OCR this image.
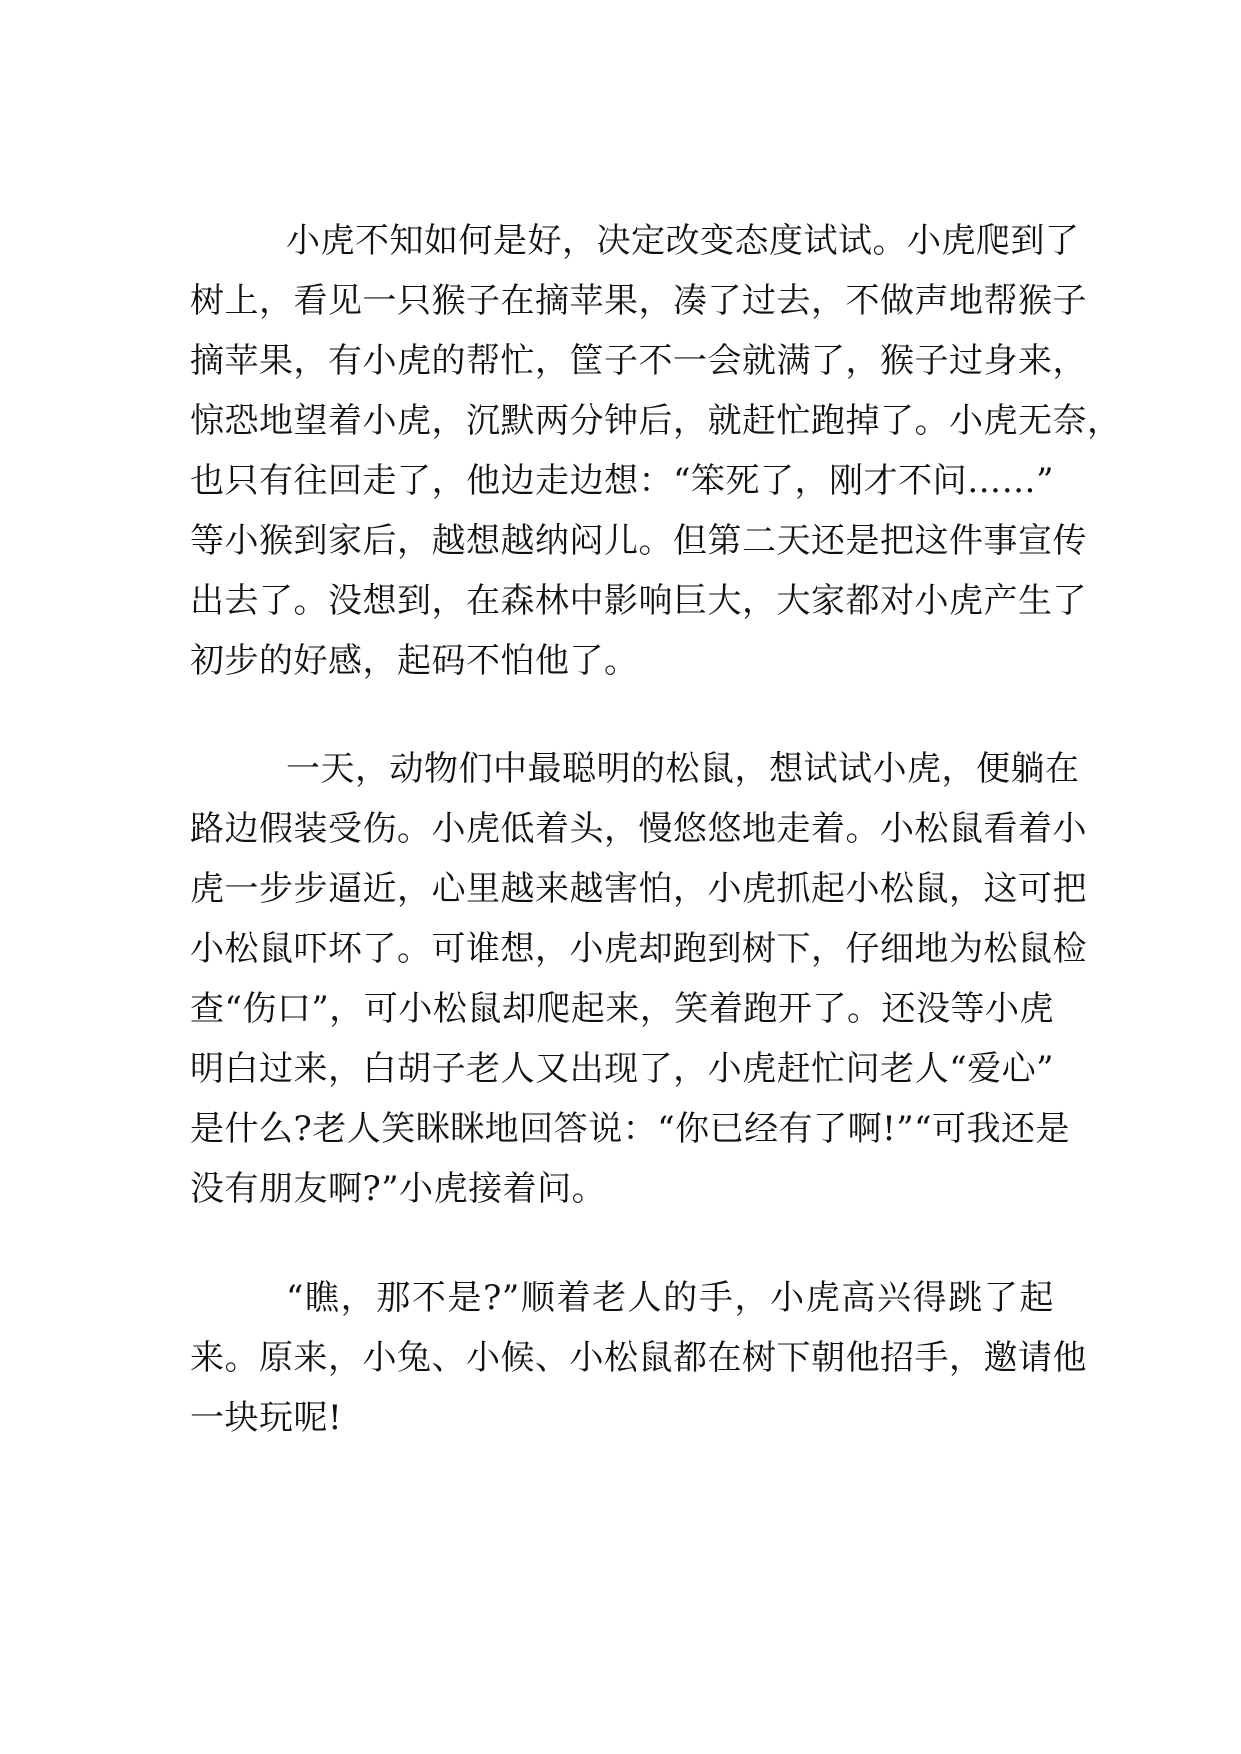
小虎不知如何是好，决定改变态度试试。小虎爬到了
树上，看见一只猴子在摘苹果，凑了过去，不做声地帮猴子
摘苹果，有小虎的帮忙，筐子不一会就满了，猴子过身来，
惊恐地望着小虎，沉默两分钟后，就赶忙跑掉了。小虎无奈，
也只有往回走了，他边走边想：“笨死了，刚才不问……”
等小猴到家后，越想越纳闷儿。但第二天还是把这件事宣传
出去了。没想到，在森林中影响巨大，大家都对小虎产生了
初步的好感，起码不怕他了。
一天，动物们中最聪明的松鼠，想试试小虎，便躺在
路边假装受伤。小虎低着头，慢悠悠地走着。小松鼠看着小
虎一步步逼近，心里越来越害怕，小虎抓起小松鼠，这可把
小松鼠吓坏了。可谁想，小虎却跑到树下，仔细地为松鼠检
查“伤口”，可小松鼠却爬起来，笑着跑开了。还没等小虎
明白过来，白胡子老人又出现了，小虎赶忙问老人“爱心”
是什么?老人笑眯眯地回答说：“你已经有了啊!”“可我还是
没有朋友啊?”小虎接着问。
“瞧，那不是?”顺着老人的手，小虎高兴得跳了起
来。原来，小兔、小候、小松鼠都在树下朝他招手，邀请他
一块玩呢!
